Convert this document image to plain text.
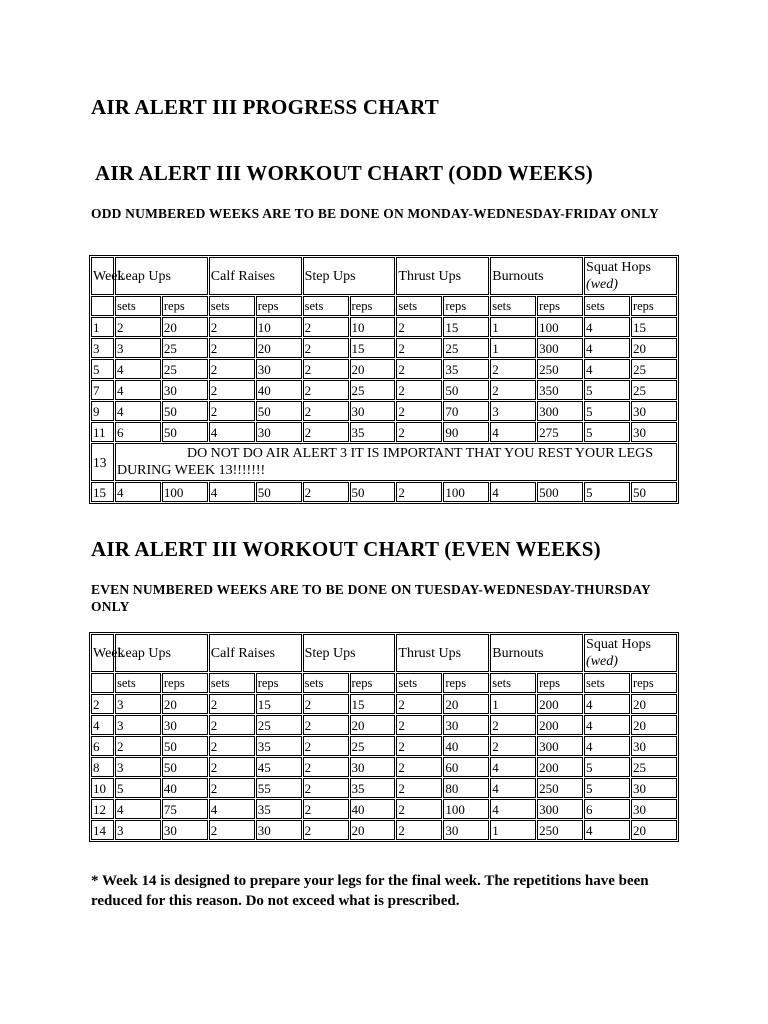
AIR ALERT III PROGRESS CHART
AIR ALERT III WORKOUT CHART (ODD WEEKS)
ODD NUMBERED WEEKS ARE TO BE DONE ON MONDAY-WEDNESDAY-FRIDAY ONLY
Week	Leap Ups		Calf Raises		Step Ups		Thrust Ups		Burnouts		Squat Hops (wed)	
	sets	reps	sets	reps	sets	reps	sets	reps	sets	reps	sets	reps
1	2	20	2	10	2	10	2	15	1	100	4	15
3	3	25	2	20	2	15	2	25	1	300	4	20
5	4	25	2	30	2	20	2	35	2	250	4	25
7	4	30	2	40	2	25	2	50	2	350	5	25
9	4	50	2	50	2	30	2	70	3	300	5	30
11	6	50	4	30	2	35	2	90	4	275	5	30
13	DO NOT DO AIR ALERT 3 IT IS IMPORTANT THAT YOU REST YOUR LEGS DURING WEEK 13!!!!!!!											

15	4	100	4	50	2	50	2	100	4	500	5	50
AIR ALERT III WORKOUT CHART (EVEN WEEKS)
EVEN NUMBERED WEEKS ARE TO BE DONE ON TUESDAY-WEDNESDAY-THURSDAY ONLY
Week	Leap Ups		Calf Raises		Step Ups		Thrust Ups		Burnouts		Squat Hops (wed)	
	sets	reps	sets	reps	sets	reps	sets	reps	sets	reps	sets	reps
2	3	20	2	15	2	15	2	20	1	200	4	20
4	3	30	2	25	2	20	2	30	2	200	4	20
6	2	50	2	35	2	25	2	40	2	300	4	30
8	3	50	2	45	2	30	2	60	4	200	5	25
10	5	40	2	55	2	35	2	80	4	250	5	30
12	4	75	4	35	2	40	2	100	4	300	6	30
14	3	30	2	30	2	20	2	30	1	250	4	20
* Week 14 is designed to prepare your legs for the final week. The repetitions have been reduced for this reason. Do not exceed what is prescribed.
